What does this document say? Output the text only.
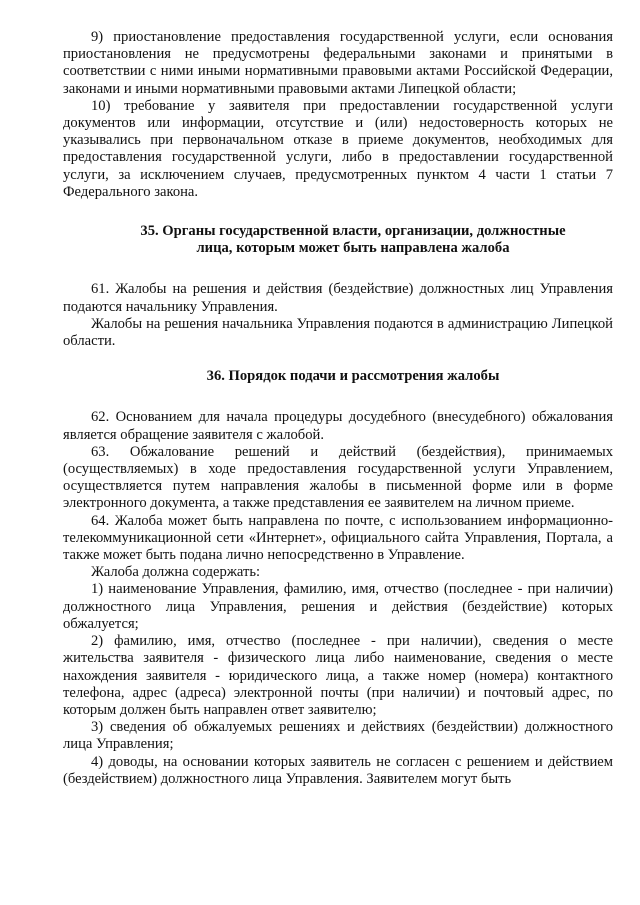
9) приостановление предоставления государственной услуги, если основания приостановления не предусмотрены федеральными законами и принятыми в соответствии с ними иными нормативными правовыми актами Российской Федерации, законами и иными нормативными правовыми актами Липецкой области;

10) требование у заявителя при предоставлении государственной услуги документов или информации, отсутствие и (или) недостоверность которых не указывались при первоначальном отказе в приеме документов, необходимых для предоставления государственной услуги, либо в предоставлении государственной услуги, за исключением случаев, предусмотренных пунктом 4 части 1 статьи 7 Федерального закона.

35. Органы государственной власти, организации, должностные
лица, которым может быть направлена жалоба

61. Жалобы на решения и действия (бездействие) должностных лиц Управления подаются начальнику Управления.

Жалобы на решения начальника Управления подаются в администрацию Липецкой области.

36. Порядок подачи и рассмотрения жалобы

62. Основанием для начала процедуры досудебного (внесудебного) обжалования является обращение заявителя с жалобой.

63. Обжалование решений и действий (бездействия), принимаемых (осуществляемых) в ходе предоставления государственной услуги Управлением, осуществляется путем направления жалобы в письменной форме или в форме электронного документа, а также представления ее заявителем на личном приеме.

64. Жалоба может быть направлена по почте, с использованием информационно-телекоммуникационной сети «Интернет», официального сайта Управления, Портала, а также может быть подана лично непосредственно в Управление.

Жалоба должна содержать:

1) наименование Управления, фамилию, имя, отчество (последнее - при наличии) должностного лица Управления, решения и действия (бездействие) которых обжалуется;

2) фамилию, имя, отчество (последнее - при наличии), сведения о месте жительства заявителя - физического лица либо наименование, сведения о месте нахождения заявителя - юридического лица, а также номер (номера) контактного телефона, адрес (адреса) электронной почты (при наличии) и почтовый адрес, по которым должен быть направлен ответ заявителю;

3) сведения об обжалуемых решениях и действиях (бездействии) должностного лица Управления;

4) доводы, на основании которых заявитель не согласен с решением и действием (бездействием) должностного лица Управления. Заявителем могут быть
